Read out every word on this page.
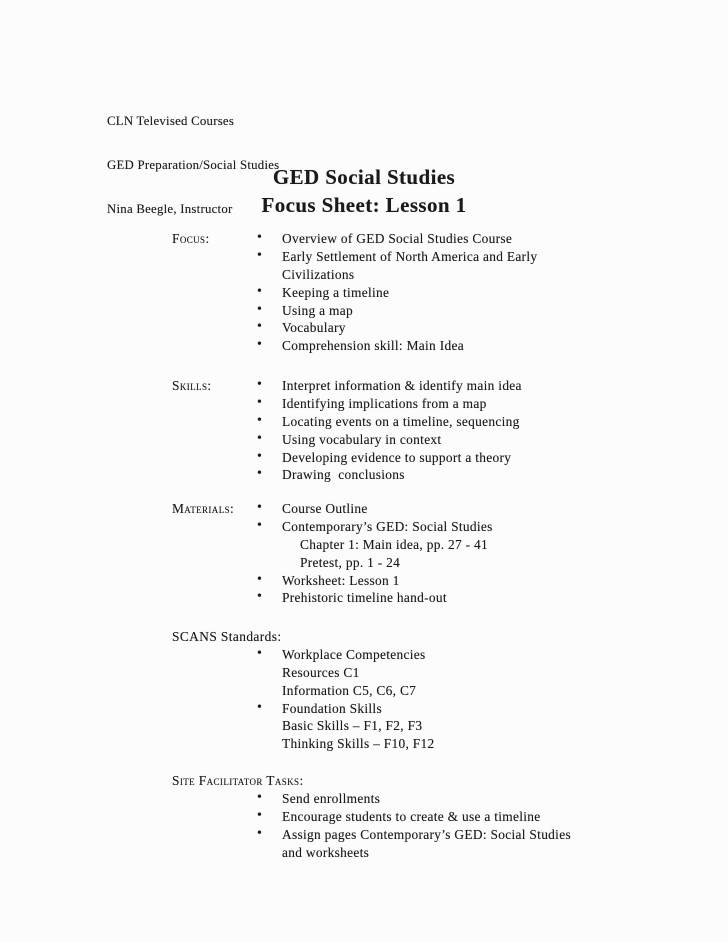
CLN Televised Courses

GED Preparation/Social Studies

Nina Beegle, Instructor

GED Social Studies
Focus Sheet: Lesson 1
Focus:	• Overview of GED Social Studies Course
• Early Settlement of North America and Early
Civilizations
• Keeping a timeline
• Using a map
• Vocabulary
• Comprehension skill: Main Idea
Skills:	• Interpret information & identify main idea
• Identifying implications from a map
• Locating events on a timeline, sequencing
• Using vocabulary in context
• Developing evidence to support a theory
• Drawing  conclusions
Materials: • Course Outline
• Contemporary’s GED: Social Studies
Chapter 1: Main idea, pp. 27 - 41
Pretest, pp. 1 - 24
• Worksheet: Lesson 1
• Prehistoric timeline hand-out
SCANS Standards:
• Workplace Competencies
Resources C1
Information C5, C6, C7
• Foundation Skills
Basic Skills – F1, F2, F3
Thinking Skills – F10, F12
Site Facilitator Tasks:
• Send enrollments
• Encourage students to create & use a timeline
• Assign pages Contemporary’s GED: Social Studies
and worksheets
